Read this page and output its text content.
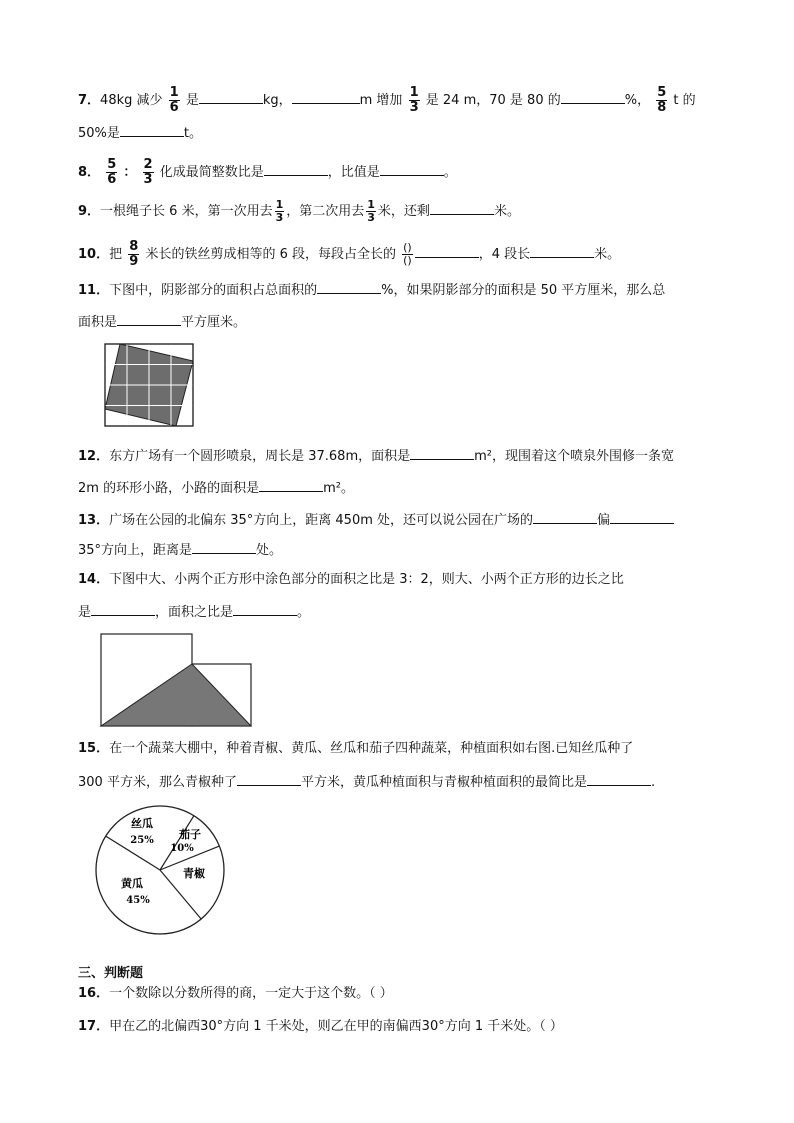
7．48kg 减少 $\frac{1}{6}$ 是	kg，	m 增加 $\frac{1}{3}$ 是 24 m，70 是 80 的	%， $\frac{5}{8}$ t 的
50%是	t。
8． $\frac{5}{6}$ ： $\frac{2}{3}$ 化成最简整数比是	，比值是	。
9．一根绳子长 6 米，第一次用去 $\frac{1}{3}$ ，第二次用去 $\frac{1}{3}$ 米，还剩	米。
10．把 $\frac{8}{9}$ 米长的铁丝剪成相等的 6 段，每段占全长的 $\frac{()}{()}$	，4 段长	米。
11．下图中，阴影部分的面积占总面积的	%，如果阴影部分的面积是 50 平方厘米，那么总
面积是	平方厘米。
12．东方广场有一个圆形喷泉，周长是 37.68m，面积是	m²，现围着这个喷泉外围修一条宽
2m 的环形小路，小路的面积是	m²。
13．广场在公园的北偏东 35°方向上，距离 450m 处，还可以说公园在广场的	偏
35°方向上，距离是	处。
14．下图中大、小两个正方形中涂色部分的面积之比是 3：2，则大、小两个正方形的边长之比
是	，面积之比是	。
15．在一个蔬菜大棚中，种着青椒、黄瓜、丝瓜和茄子四种蔬菜，种植面积如右图.已知丝瓜种了
300 平方米，那么青椒种了	平方米，黄瓜种植面积与青椒种植面积的最简比是	.
丝瓜
25% 茄子
10%
青椒
黄瓜
45%
三、判断题
16．一个数除以分数所得的商，一定大于这个数。（ ）
17．甲在乙的北偏西30°方向 1 千米处，则乙在甲的南偏西30°方向 1 千米处。（ ）
